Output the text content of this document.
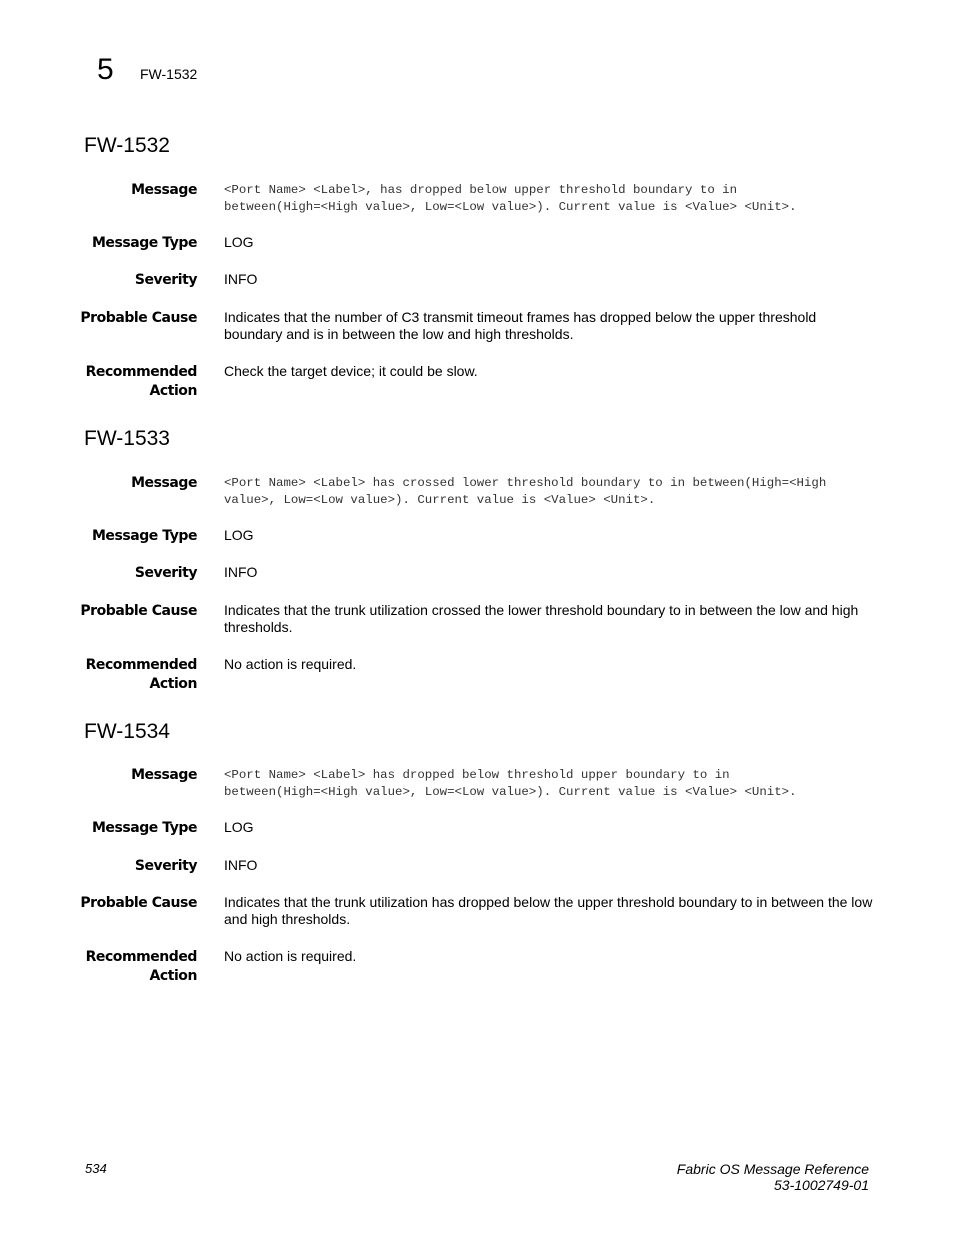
5 FW-1532
FW-1532
Message <Port Name> <Label>, has dropped below upper threshold boundary to in
between(High=<High value>, Low=<Low value>). Current value is <Value> <Unit>.
Message Type LOG
Severity INFO
Probable Cause Indicates that the number of C3 transmit timeout frames has dropped below the upper threshold
boundary and is in between the low and high thresholds.
Recommended
Action
Check the target device; it could be slow.
FW-1533
Message <Port Name> <Label> has crossed lower threshold boundary to in between(High=<High
value>, Low=<Low value>). Current value is <Value> <Unit>.
Message Type LOG
Severity INFO
Probable Cause Indicates that the trunk utilization crossed the lower threshold boundary to in between the low and high
thresholds.
Recommended
Action
No action is required.
FW-1534
Message <Port Name> <Label> has dropped below threshold upper boundary to in
between(High=<High value>, Low=<Low value>). Current value is <Value> <Unit>.
Message Type LOG
Severity INFO
Probable Cause Indicates that the trunk utilization has dropped below the upper threshold boundary to in between the low
and high thresholds.
Recommended
Action
No action is required.
534	Fabric OS Message Reference
53-1002749-01
